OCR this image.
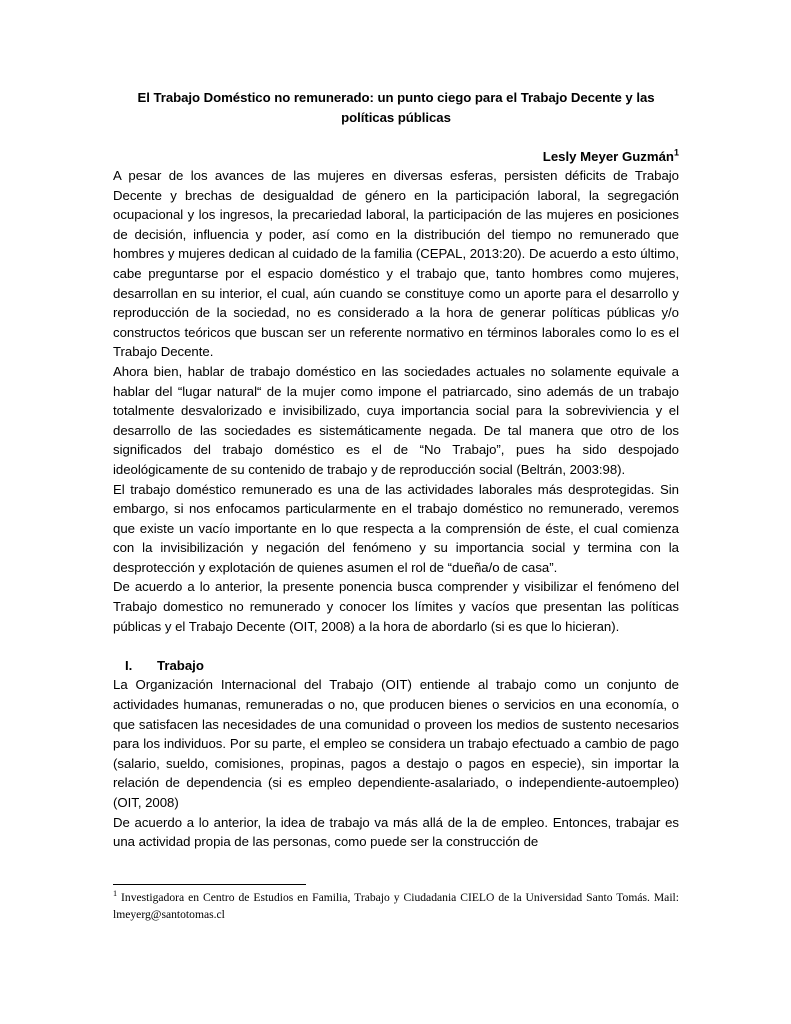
El Trabajo Doméstico no remunerado: un punto ciego para el Trabajo Decente y las políticas públicas
Lesly Meyer Guzmán$^1$

A pesar de los avances de las mujeres en diversas esferas, persisten déficits de Trabajo Decente y brechas de desigualdad de género en la participación laboral, la segregación ocupacional y los ingresos, la precariedad laboral, la participación de las mujeres en posiciones de decisión, influencia y poder, así como en la distribución del tiempo no remunerado que hombres y mujeres dedican al cuidado de la familia (CEPAL, 2013:20). De acuerdo a esto último, cabe preguntarse por el espacio doméstico y el trabajo que, tanto hombres como mujeres, desarrollan en su interior, el cual, aún cuando se constituye como un aporte para el desarrollo y reproducción de la sociedad, no es considerado a la hora de generar políticas públicas y/o constructos teóricos que buscan ser un referente normativo en términos laborales como lo es el Trabajo Decente.

Ahora bien, hablar de trabajo doméstico en las sociedades actuales no solamente equivale a hablar del “lugar natural“ de la mujer como impone el patriarcado, sino además de un trabajo totalmente desvalorizado e invisibilizado, cuya importancia social para la sobreviviencia y el desarrollo de las sociedades es sistemáticamente negada. De tal manera que otro de los significados del trabajo doméstico es el de “No Trabajo”, pues ha sido despojado ideológicamente de su contenido de trabajo y de reproducción social (Beltrán, 2003:98).

El trabajo doméstico remunerado es una de las actividades laborales más desprotegidas. Sin embargo, si nos enfocamos particularmente en el trabajo doméstico no remunerado, veremos que existe un vacío importante en lo que respecta a la comprensión de éste, el cual comienza con la invisibilización y negación del fenómeno y su importancia social y termina con la desprotección y explotación de quienes asumen el rol de “dueña/o de casa”.

De acuerdo a lo anterior, la presente ponencia busca comprender y visibilizar el fenómeno del Trabajo domestico no remunerado y conocer los límites y vacíos que presentan las políticas públicas y el Trabajo Decente (OIT, 2008) a la hora de abordarlo (si es que lo hicieran).

I.	Trabajo

La Organización Internacional del Trabajo (OIT) entiende al trabajo como un conjunto de actividades humanas, remuneradas o no, que producen bienes o servicios en una economía, o que satisfacen las necesidades de una comunidad o proveen los medios de sustento necesarios para los individuos. Por su parte, el empleo se considera un trabajo efectuado a cambio de pago (salario, sueldo, comisiones, propinas, pagos a destajo o pagos en especie), sin importar la relación de dependencia (si es empleo dependiente-asalariado, o independiente-autoempleo)(OIT, 2008)

De acuerdo a lo anterior, la idea de trabajo va más allá de la de empleo. Entonces, trabajar es una actividad propia de las personas, como puede ser la construcción de

$^1$ Investigadora en Centro de Estudios en Familia, Trabajo y Ciudadania CIELO de la Universidad Santo Tomás. Mail: lmeyerg@santotomas.cl
